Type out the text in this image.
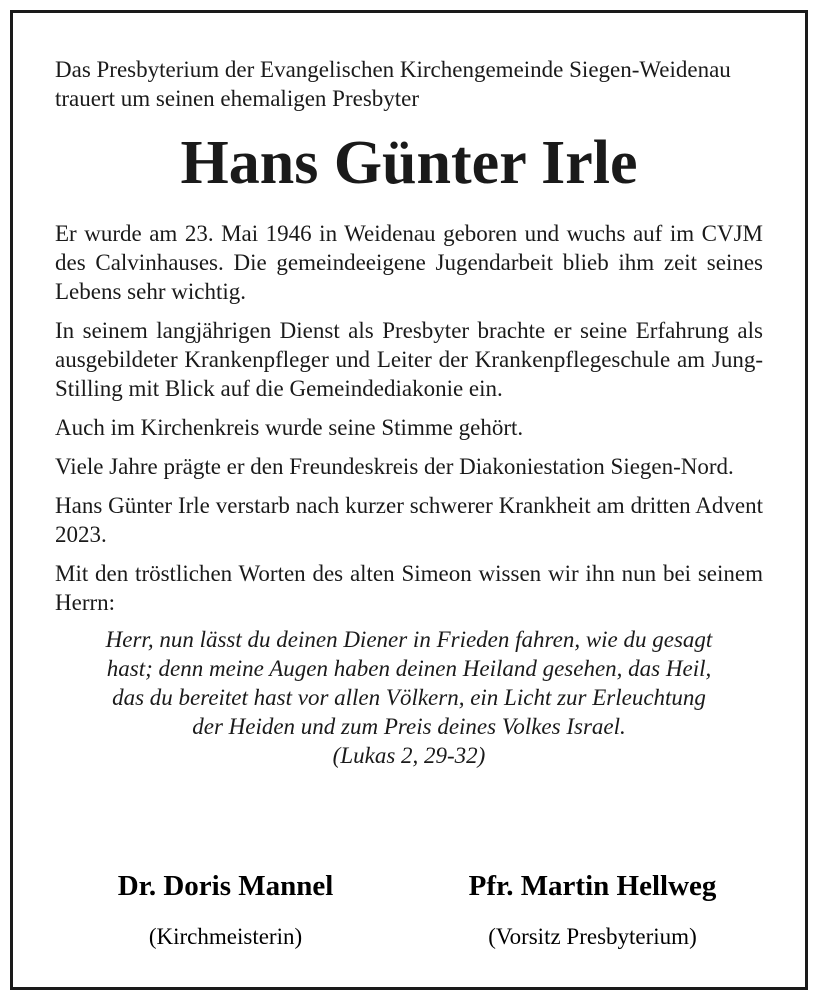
Das Presbyterium der Evangelischen Kirchengemeinde Siegen-Weidenau trauert um seinen ehemaligen Presbyter

Hans Günter Irle

Er wurde am 23. Mai 1946 in Weidenau geboren und wuchs auf im CVJM des Calvinhauses. Die gemeindeeigene Jugendarbeit blieb ihm zeit seines Lebens sehr wichtig.

In seinem langjährigen Dienst als Presbyter brachte er seine Erfahrung als ausgebildeter Krankenpfleger und Leiter der Krankenpflegeschule am Jung-Stilling mit Blick auf die Gemeindediakonie ein.

Auch im Kirchenkreis wurde seine Stimme gehört.

Viele Jahre prägte er den Freundeskreis der Diakoniestation Siegen-Nord.

Hans Günter Irle verstarb nach kurzer schwerer Krankheit am dritten Advent 2023.

Mit den tröstlichen Worten des alten Simeon wissen wir ihn nun bei seinem Herrn:

Herr, nun lässt du deinen Diener in Frieden fahren, wie du gesagt
hast; denn meine Augen haben deinen Heiland gesehen, das Heil,
das du bereitet hast vor allen Völkern, ein Licht zur Erleuchtung
der Heiden und zum Preis deines Volkes Israel.
(Lukas 2, 29-32)

Dr. Doris Mannel
(Kirchmeisterin)
Pfr. Martin Hellweg
(Vorsitz Presbyterium)
